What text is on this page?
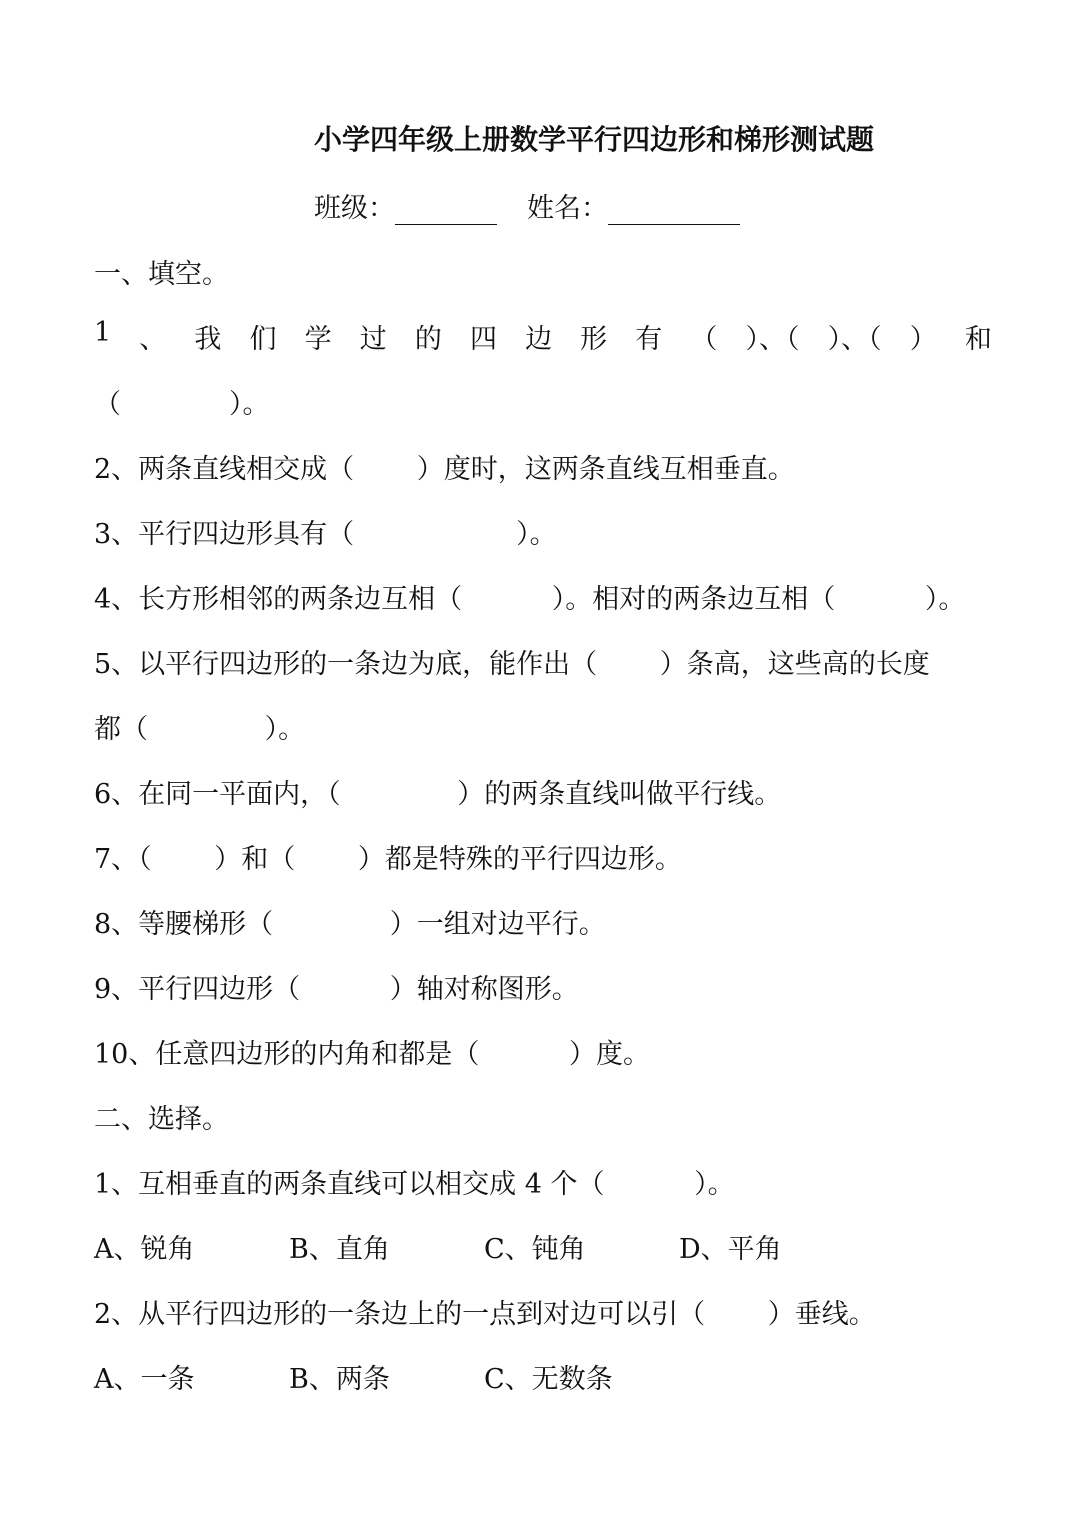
小学四年级上册数学平行四边形和梯形测试题
班级：	姓名：
一、填空。
1 、 我 们 学 过 的 四 边 形 有 （ ）、（ ）、（ ） 和
（　　　　）。
2、两条直线相交成（　　 ）度时，这两条直线互相垂直。
3、平行四边形具有（　　　　　　）。
4、长方形相邻的两条边互相（　　　 ）。相对的两条边互相（　　　 ）。
5、以平行四边形的一条边为底，能作出（　　 ）条高，这些高的长度
都（　　　　 ）。
6、在同一平面内，（　　　　 ）的两条直线叫做平行线。
7、（　　 ）和（　　 ）都是特殊的平行四边形。
8、等腰梯形（　　　　 ）一组对边平行。
9、平行四边形（　　　 ）轴对称图形。
10、任意四边形的内角和都是（　　　 ）度。
二、选择。
1、互相垂直的两条直线可以相交成 4 个（　　　 ）。
A、锐角	B、直角	C、钝角	D、平角
2、从平行四边形的一条边上的一点到对边可以引（　　 ）垂线。
A、一条	B、两条	C、无数条
